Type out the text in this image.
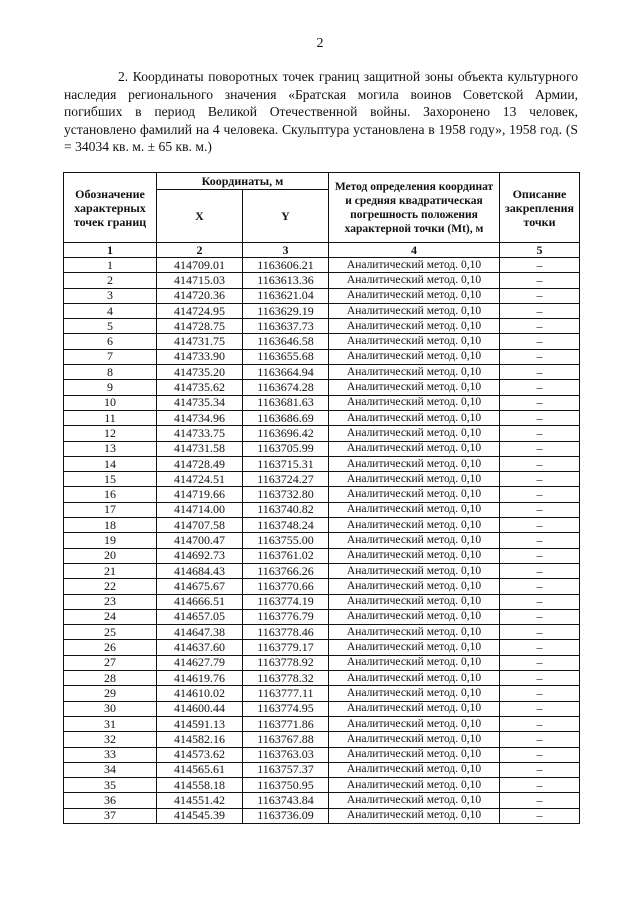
2
2. Координаты поворотных точек границ защитной зоны объекта культурного наследия регионального значения «Братская могила воинов Советской Армии, погибших в период Великой Отечественной войны. Захоронено 13 человек, установлено фамилий на 4 человека. Скульптура установлена в 1958 году», 1958 год. (S = 34034 кв. м. ± 65 кв. м.)
Обозначение характерных точек границ	Координаты, м		Метод определения координат и средняя квадратическая погрешность положения характерной точки (Mt), м	Описание закрепления точки
	X	Y		
1	2	3	4	5
1	414709.01	1163606.21	Аналитический метод. 0,10	–
2	414715.03	1163613.36	Аналитический метод. 0,10	–
3	414720.36	1163621.04	Аналитический метод. 0,10	–
4	414724.95	1163629.19	Аналитический метод. 0,10	–
5	414728.75	1163637.73	Аналитический метод. 0,10	–
6	414731.75	1163646.58	Аналитический метод. 0,10	–
7	414733.90	1163655.68	Аналитический метод. 0,10	–
8	414735.20	1163664.94	Аналитический метод. 0,10	–
9	414735.62	1163674.28	Аналитический метод. 0,10	–
10	414735.34	1163681.63	Аналитический метод. 0,10	–
11	414734.96	1163686.69	Аналитический метод. 0,10	–
12	414733.75	1163696.42	Аналитический метод. 0,10	–
13	414731.58	1163705.99	Аналитический метод. 0,10	–
14	414728.49	1163715.31	Аналитический метод. 0,10	–
15	414724.51	1163724.27	Аналитический метод. 0,10	–
16	414719.66	1163732.80	Аналитический метод. 0,10	–
17	414714.00	1163740.82	Аналитический метод. 0,10	–
18	414707.58	1163748.24	Аналитический метод. 0,10	–
19	414700.47	1163755.00	Аналитический метод. 0,10	–
20	414692.73	1163761.02	Аналитический метод. 0,10	–
21	414684.43	1163766.26	Аналитический метод. 0,10	–
22	414675.67	1163770.66	Аналитический метод. 0,10	–
23	414666.51	1163774.19	Аналитический метод. 0,10	–
24	414657.05	1163776.79	Аналитический метод. 0,10	–
25	414647.38	1163778.46	Аналитический метод. 0,10	–
26	414637.60	1163779.17	Аналитический метод. 0,10	–
27	414627.79	1163778.92	Аналитический метод. 0,10	–
28	414619.76	1163778.32	Аналитический метод. 0,10	–
29	414610.02	1163777.11	Аналитический метод. 0,10	–
30	414600.44	1163774.95	Аналитический метод. 0,10	–
31	414591.13	1163771.86	Аналитический метод. 0,10	–
32	414582.16	1163767.88	Аналитический метод. 0,10	–
33	414573.62	1163763.03	Аналитический метод. 0,10	–
34	414565.61	1163757.37	Аналитический метод. 0,10	–
35	414558.18	1163750.95	Аналитический метод. 0,10	–
36	414551.42	1163743.84	Аналитический метод. 0,10	–
37	414545.39	1163736.09	Аналитический метод. 0,10	–
